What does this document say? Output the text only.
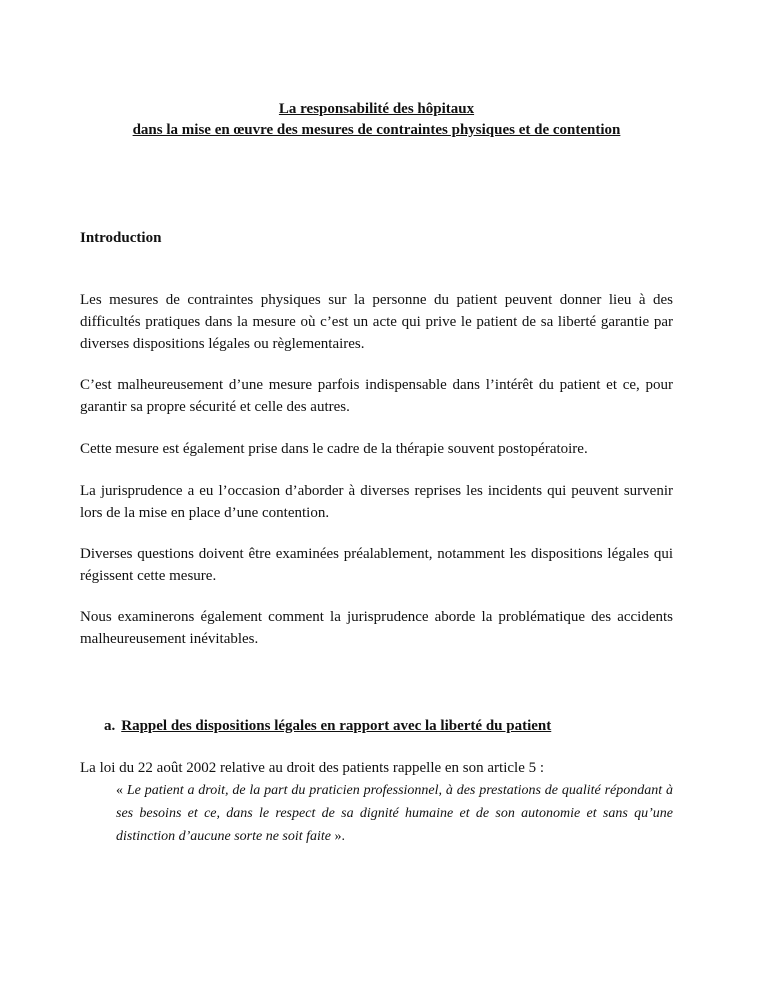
La responsabilité des hôpitaux
dans la mise en œuvre des mesures de contraintes physiques et de contention
Introduction

Les mesures de contraintes physiques sur la personne du patient peuvent donner lieu à des difficultés pratiques dans la mesure où c’est un acte qui prive le patient de sa liberté garantie par diverses dispositions légales ou règlementaires.

C’est malheureusement d’une mesure parfois indispensable dans l’intérêt du patient et ce, pour garantir sa propre sécurité et celle des autres.

Cette mesure est également prise dans le cadre de la thérapie souvent postopératoire.

La jurisprudence a eu l’occasion d’aborder à diverses reprises les incidents qui peuvent survenir lors de la mise en place d’une contention.

Diverses questions doivent être examinées préalablement, notamment les dispositions légales qui régissent cette mesure.

Nous examinerons également comment la jurisprudence aborde la problématique des accidents malheureusement inévitables.

a. Rappel des dispositions légales en rapport avec la liberté du patient
La loi du 22 août 2002 relative au droit des patients rappelle en son article 5 :

« Le patient a droit, de la part du praticien professionnel, à des prestations de qualité répondant à ses besoins et ce, dans le respect de sa dignité humaine et de son autonomie et sans qu’une distinction d’aucune sorte ne soit faite ».
